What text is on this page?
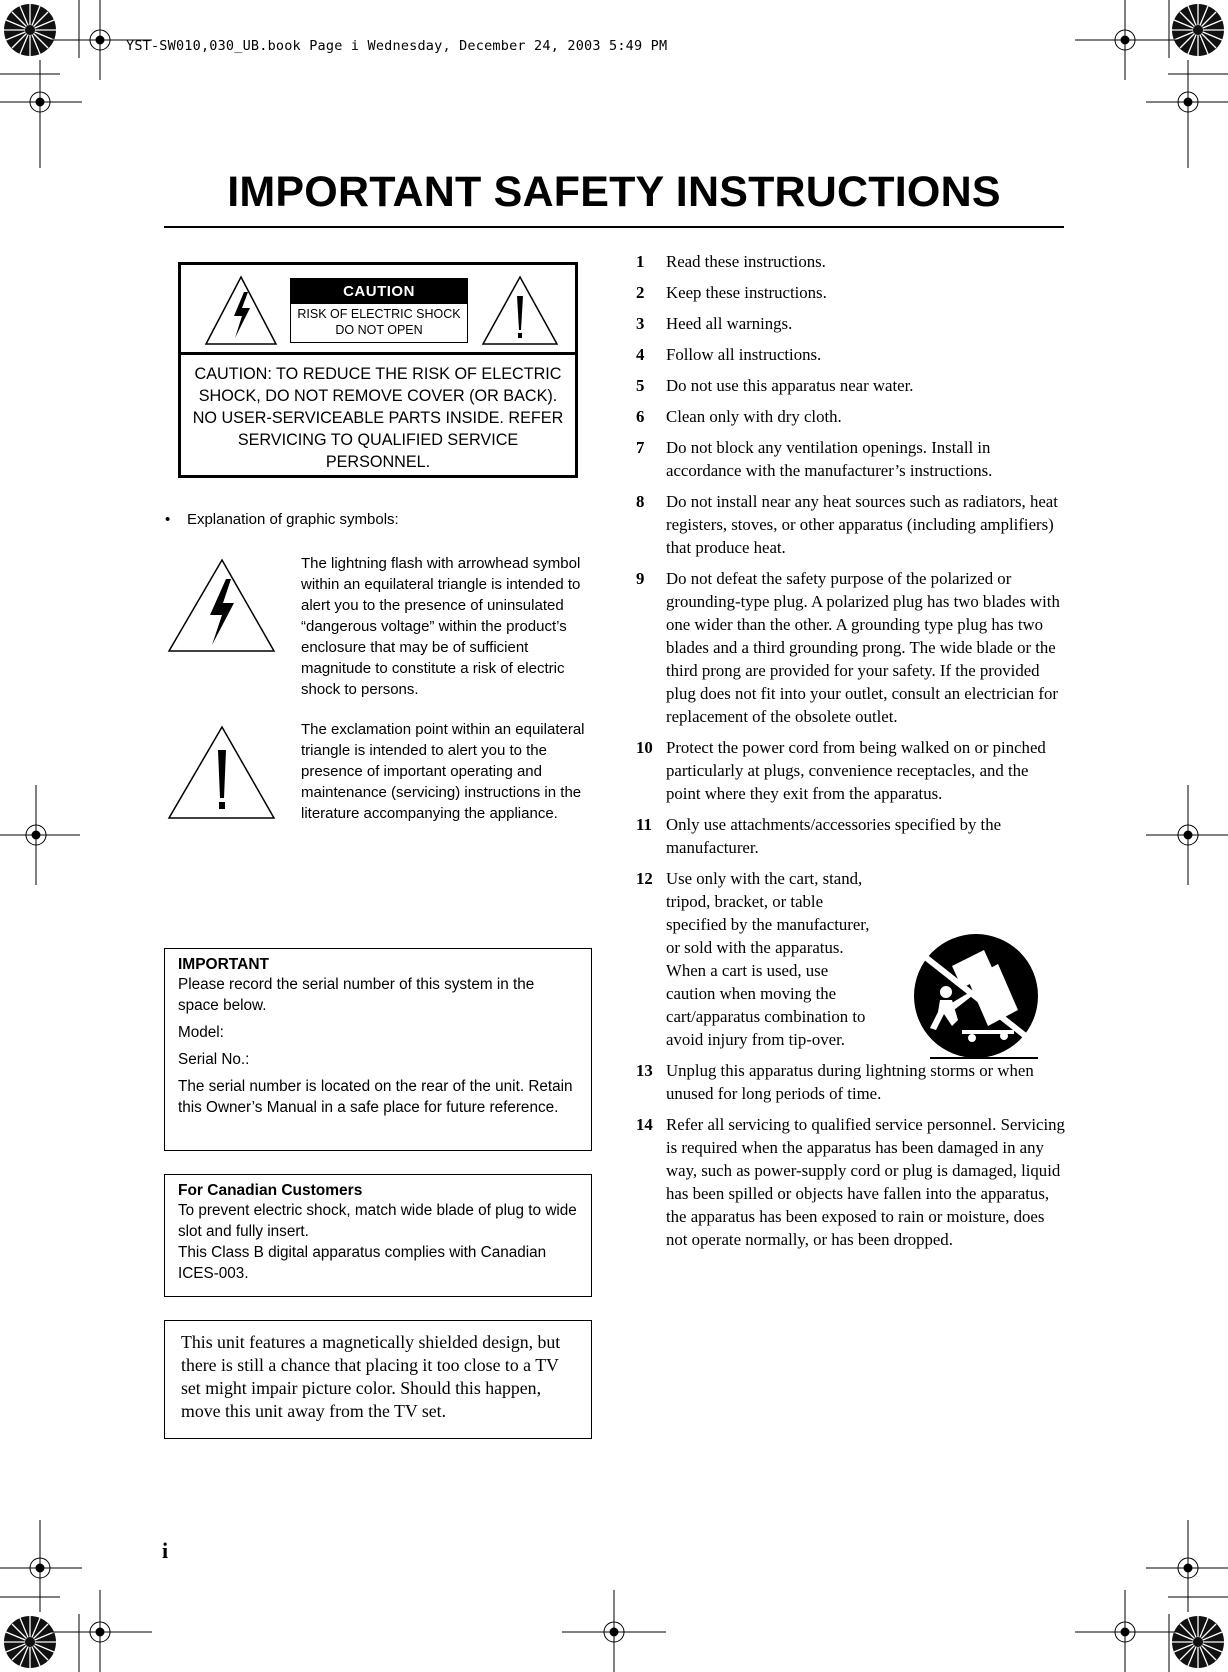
YST-SW010,030_UB.book Page i Wednesday, December 24, 2003 5:49 PM
IMPORTANT SAFETY INSTRUCTIONS
CAUTION
RISK OF ELECTRIC SHOCK
DO NOT OPEN
CAUTION: TO REDUCE THE RISK OF ELECTRIC SHOCK, DO NOT REMOVE COVER (OR BACK). NO USER-SERVICEABLE PARTS INSIDE. REFER SERVICING TO QUALIFIED SERVICE PERSONNEL.
• Explanation of graphic symbols:
The lightning flash with arrowhead symbol within an equilateral triangle is intended to alert you to the presence of uninsulated “dangerous voltage” within the product’s enclosure that may be of sufficient magnitude to constitute a risk of electric shock to persons.
The exclamation point within an equilateral triangle is intended to alert you to the presence of important operating and maintenance (servicing) instructions in the literature accompanying the appliance.
IMPORTANT
Please record the serial number of this system in the space below.
Model:
Serial No.:
The serial number is located on the rear of the unit. Retain this Owner’s Manual in a safe place for future reference.
For Canadian Customers
To prevent electric shock, match wide blade of plug to wide slot and fully insert.
This Class B digital apparatus complies with Canadian ICES-003.
This unit features a magnetically shielded design, but there is still a chance that placing it too close to a TV set might impair picture color. Should this happen, move this unit away from the TV set.
1 Read these instructions.
2 Keep these instructions.
3 Heed all warnings.
4 Follow all instructions.
5 Do not use this apparatus near water.
6 Clean only with dry cloth.
7 Do not block any ventilation openings. Install in accordance with the manufacturer’s instructions.
8 Do not install near any heat sources such as radiators, heat registers, stoves, or other apparatus (including amplifiers) that produce heat.
9 Do not defeat the safety purpose of the polarized or grounding-type plug. A polarized plug has two blades with one wider than the other. A grounding type plug has two blades and a third grounding prong. The wide blade or the third prong are provided for your safety. If the provided plug does not fit into your outlet, consult an electrician for replacement of the obsolete outlet.
10 Protect the power cord from being walked on or pinched particularly at plugs, convenience receptacles, and the point where they exit from the apparatus.
11 Only use attachments/accessories specified by the manufacturer.
12 Use only with the cart, stand, tripod, bracket, or table specified by the manufacturer, or sold with the apparatus. When a cart is used, use caution when moving the cart/apparatus combination to avoid injury from tip-over.
13 Unplug this apparatus during lightning storms or when unused for long periods of time.
14 Refer all servicing to qualified service personnel. Servicing is required when the apparatus has been damaged in any way, such as power-supply cord or plug is damaged, liquid has been spilled or objects have fallen into the apparatus, the apparatus has been exposed to rain or moisture, does not operate normally, or has been dropped.
i
